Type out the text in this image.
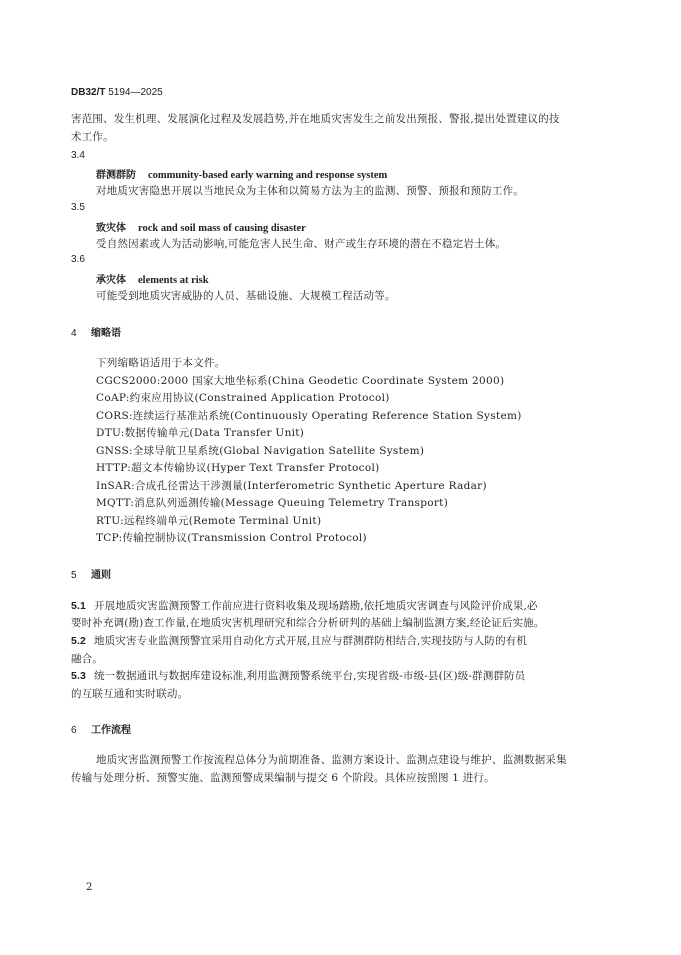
DB32/T 5194—2025
害范围、发生机理、发展演化过程及发展趋势,并在地质灾害发生之前发出预报、警报,提出处置建议的技
术工作。
3.4
群测群防 community-based early warning and response system
对地质灾害隐患开展以当地民众为主体和以简易方法为主的监测、预警、预报和预防工作。
3.5
致灾体 rock and soil mass of causing disaster
受自然因素或人为活动影响,可能危害人民生命、财产或生存环境的潜在不稳定岩土体。
3.6
承灾体 elements at risk
可能受到地质灾害威胁的人员、基础设施、大规模工程活动等。
4 缩略语
下列缩略语适用于本文件。
CGCS2000:2000 国家大地坐标系(China Geodetic Coordinate System 2000)
CoAP:约束应用协议(Constrained Application Protocol)
CORS:连续运行基准站系统(Continuously Operating Reference Station System)
DTU:数据传输单元(Data Transfer Unit)
GNSS:全球导航卫星系统(Global Navigation Satellite System)
HTTP:超文本传输协议(Hyper Text Transfer Protocol)
InSAR:合成孔径雷达干涉测量(Interferometric Synthetic Aperture Radar)
MQTT:消息队列遥测传输(Message Queuing Telemetry Transport)
RTU:远程终端单元(Remote Terminal Unit)
TCP:传输控制协议(Transmission Control Protocol)
5 通则
5.1 开展地质灾害监测预警工作前应进行资料收集及现场踏勘,依托地质灾害调查与风险评价成果,必
要时补充调(勘)查工作量,在地质灾害机理研究和综合分析研判的基础上编制监测方案,经论证后实施。
5.2 地质灾害专业监测预警宜采用自动化方式开展,且应与群测群防相结合,实现技防与人防的有机
融合。
5.3 统一数据通讯与数据库建设标准,利用监测预警系统平台,实现省级-市级-县(区)级-群测群防员
的互联互通和实时联动。
6 工作流程
地质灾害监测预警工作按流程总体分为前期准备、监测方案设计、监测点建设与维护、监测数据采集
传输与处理分析、预警实施、监测预警成果编制与提交 6 个阶段。具体应按照图 1 进行。
2
